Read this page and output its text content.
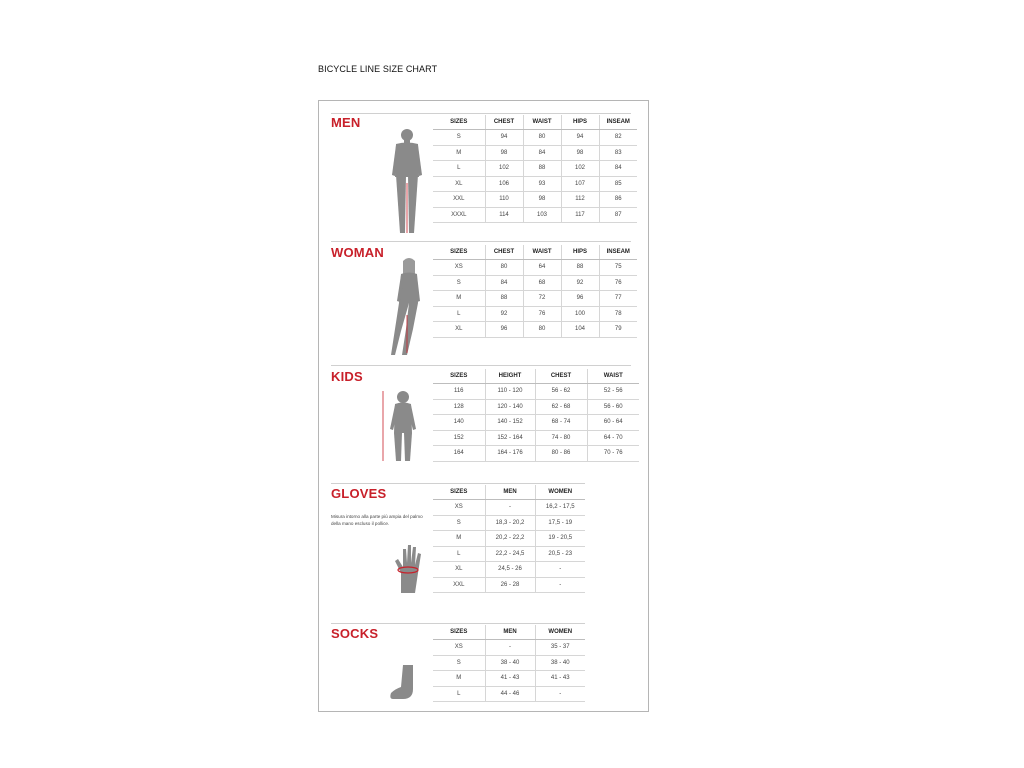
BICYCLE LINE SIZE CHART
MEN	SIZES	CHEST	WAIST	HIPS	INSEAM
S	94	80	94	82
M	98	84	98	83
L	102	88	102	84
XL	106	93	107	85
XXL	110	98	112	86
XXXL	114	103	117	87
WOMAN	SIZES	CHEST	WAIST	HIPS	INSEAM
XS	80	64	88	75
S	84	68	92	76
M	88	72	96	77
L	92	76	100	78
XL	96	80	104	79
KIDS	SIZES	HEIGHT	CHEST	WAIST
116	110 - 120	56 - 62	52 - 56
128	120 - 140	62 - 68	56 - 60
140	140 - 152	68 - 74	60 - 64
152	152 - 164	74 - 80	64 - 70
164	164 - 176	80 - 86	70 - 76
GLOVES
Misura intorno alla parte più ampia del palmo della mano escluso il pollice.
SIZES	MEN	WOMEN
XS	-	16,2 - 17,5
S	18,3 - 20,2	17,5 - 19
M	20,2 - 22,2	19 - 20,5
L	22,2 - 24,5	20,5 - 23
XL	24,5 - 26	-
XXL	26 - 28	-
SOCKS	SIZES	MEN	WOMEN
XS	-	35 - 37
S	38 - 40	38 - 40
M	41 - 43	41 - 43
L	44 - 46	-
